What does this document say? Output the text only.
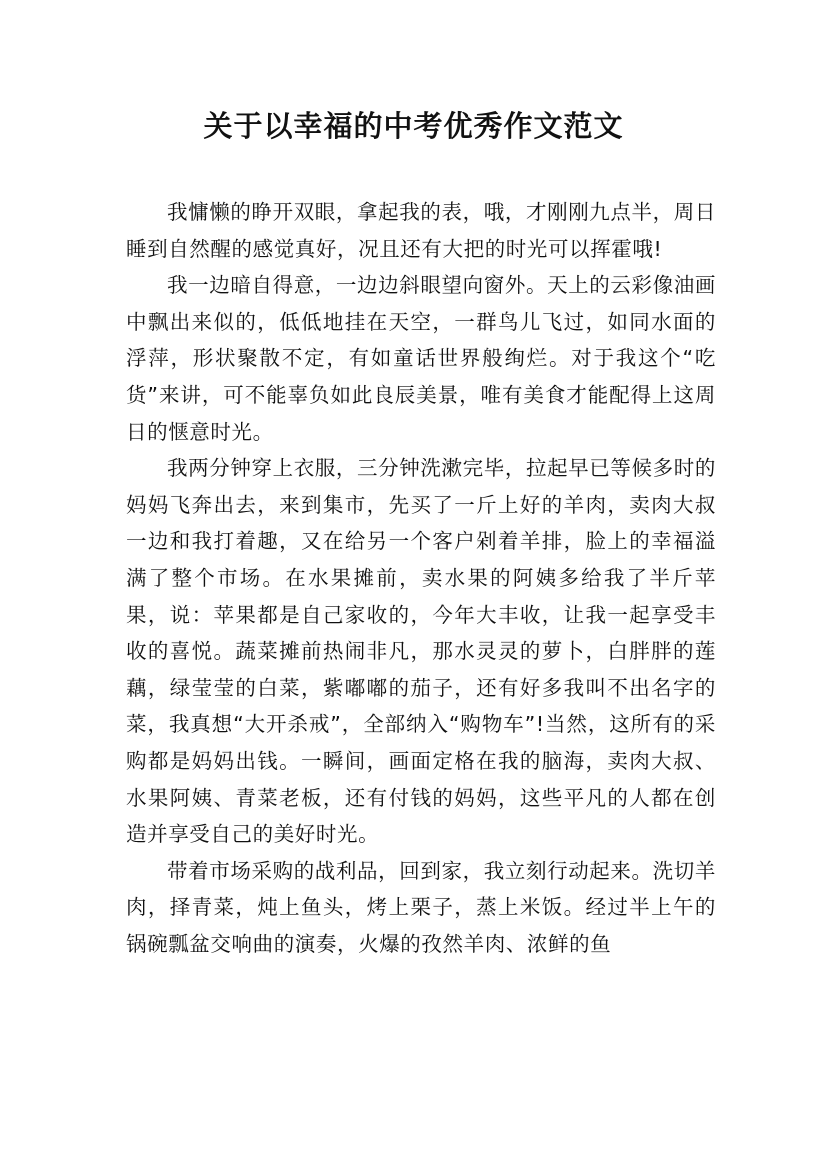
关于以幸福的中考优秀作文范文

我慵懒的睁开双眼，拿起我的表，哦，才刚刚九点半，周日睡到自然醒的感觉真好，况且还有大把的时光可以挥霍哦!

我一边暗自得意，一边边斜眼望向窗外。天上的云彩像油画中飘出来似的，低低地挂在天空，一群鸟儿飞过，如同水面的浮萍，形状聚散不定，有如童话世界般绚烂。对于我这个“吃货”来讲，可不能辜负如此良辰美景，唯有美食才能配得上这周日的惬意时光。

我两分钟穿上衣服，三分钟洗漱完毕，拉起早已等候多时的妈妈飞奔出去，来到集市，先买了一斤上好的羊肉，卖肉大叔一边和我打着趣，又在给另一个客户剁着羊排，脸上的幸福溢满了整个市场。在水果摊前，卖水果的阿姨多给我了半斤苹果，说：苹果都是自己家收的，今年大丰收，让我一起享受丰收的喜悦。蔬菜摊前热闹非凡，那水灵灵的萝卜，白胖胖的莲藕，绿莹莹的白菜，紫嘟嘟的茄子，还有好多我叫不出名字的菜，我真想“大开杀戒”，全部纳入“购物车”!当然，这所有的采购都是妈妈出钱。一瞬间，画面定格在我的脑海，卖肉大叔、水果阿姨、青菜老板，还有付钱的妈妈，这些平凡的人都在创造并享受自己的美好时光。

带着市场采购的战利品，回到家，我立刻行动起来。洗切羊肉，择青菜，炖上鱼头，烤上栗子，蒸上米饭。经过半上午的锅碗瓢盆交响曲的演奏，火爆的孜然羊肉、浓鲜的鱼
